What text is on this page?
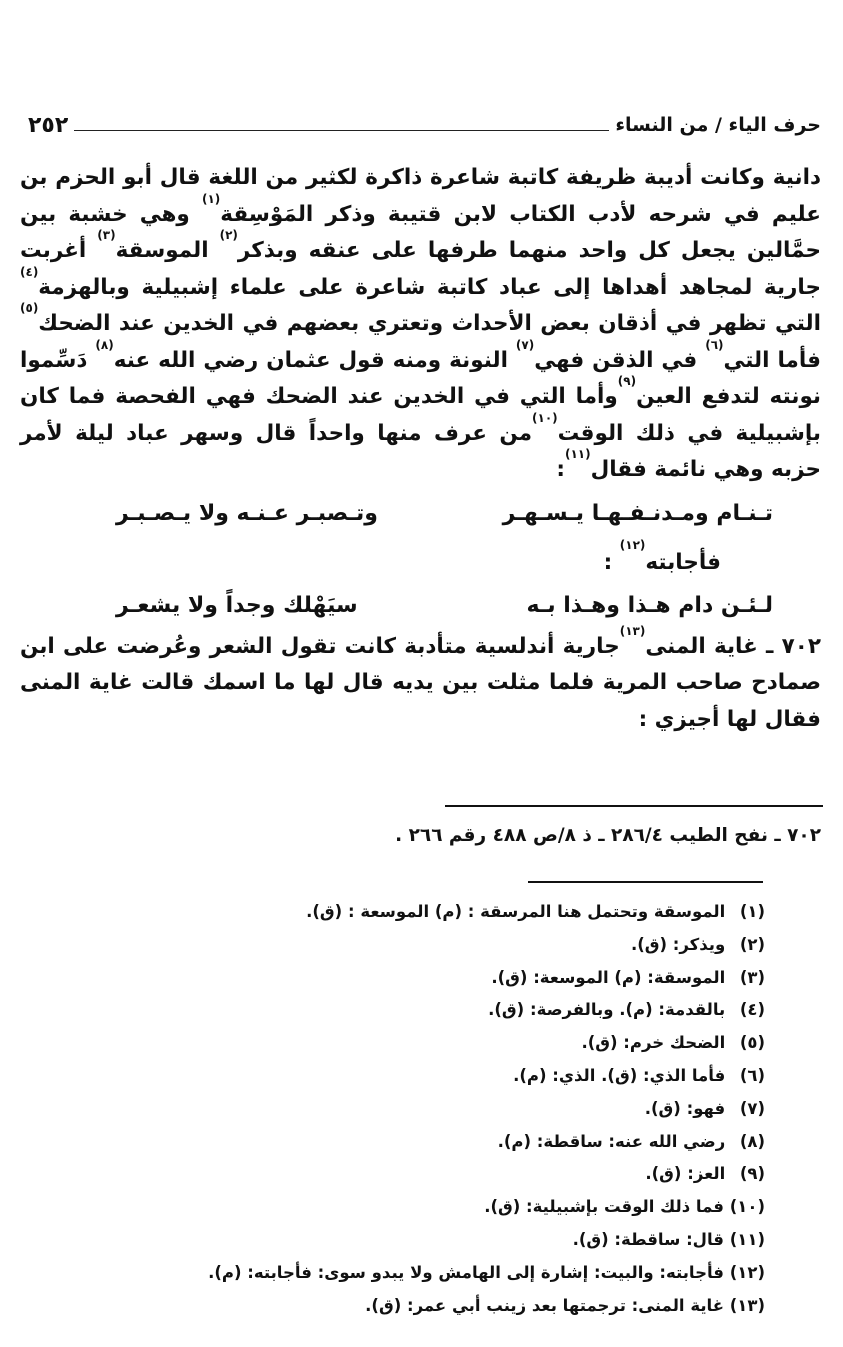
حرف الياء / من النساء
٢٥٢

دانية وكانت أديبة ظريفة كاتبة شاعرة ذاكرة لكثير من اللغة قال أبو الحزم بن عليم في شرحه لأدب الكتاب لابن قتيبة وذكر المَوْسِقة$^{(١)}$ وهي خشبة بين حمَّالين يجعل كل واحد منهما طرفها على عنقه وبذكر$^{(٢)}$ الموسقة$^{(٣)}$ أغربت جارية لمجاهد أهداها إلى عباد كاتبة شاعرة على علماء إشبيلية وبالهزمة$^{(٤)}$ التي تظهر في أذقان بعض الأحداث وتعتري بعضهم في الخدين عند الضحك$^{(٥)}$ فأما التي$^{(٦)}$ في الذقن فهي$^{(٧)}$ النونة ومنه قول عثمان رضي الله عنه$^{(٨)}$ دَسِّموا نونته لتدفع العين$^{(٩)}$وأما التي في الخدين عند الضحك فهي الفحصة فما كان بإشبيلية في ذلك الوقت$^{(١٠)}$من عرف منها واحداً قال وسهر عباد ليلة لأمر حزبه وهي نائمة فقال$^{(١١)}$:

تـنـام ومـدنـفـهـا يـسـهـر
وتـصبـر عـنـه ولا يـصـبـر
فأجابته$^{(١٢)}$ :
لـئـن دام هـذا وهـذا بـه
سيَهْلك وجداً ولا يشعـر

٧٠٢ ـ غاية المنى$^{(١٣)}$جارية أندلسية متأدبة كانت تقول الشعر وعُرضت على ابن صمادح صاحب المرية فلما مثلت بين يديه قال لها ما اسمك قالت غاية المنى فقال لها أجيزي :

٧٠٢ ـ نفح الطيب ٢٨٦/٤ ـ ذ ٨/ص ٤٨٨ رقم ٢٦٦ .
(١) الموسقة وتحتمل هنا المرسقة : (م) الموسعة : (ق).
(٢) ويذكر: (ق).
(٣) الموسقة: (م) الموسعة: (ق).
(٤) بالقدمة: (م). وبالفرصة: (ق).
(٥) الضحك خرم: (ق).
(٦) فأما الذي: (ق). الذي: (م).
(٧) فهو: (ق).
(٨) رضي الله عنه: ساقطة: (م).
(٩) العز: (ق).
(١٠) فما ذلك الوقت بإشبيلية: (ق).
(١١) قال: ساقطة: (ق).
(١٢) فأجابته: والبيت: إشارة إلى الهامش ولا يبدو سوى: فأجابته: (م).
(١٣) غاية المنى: ترجمتها بعد زينب أبي عمر: (ق).
